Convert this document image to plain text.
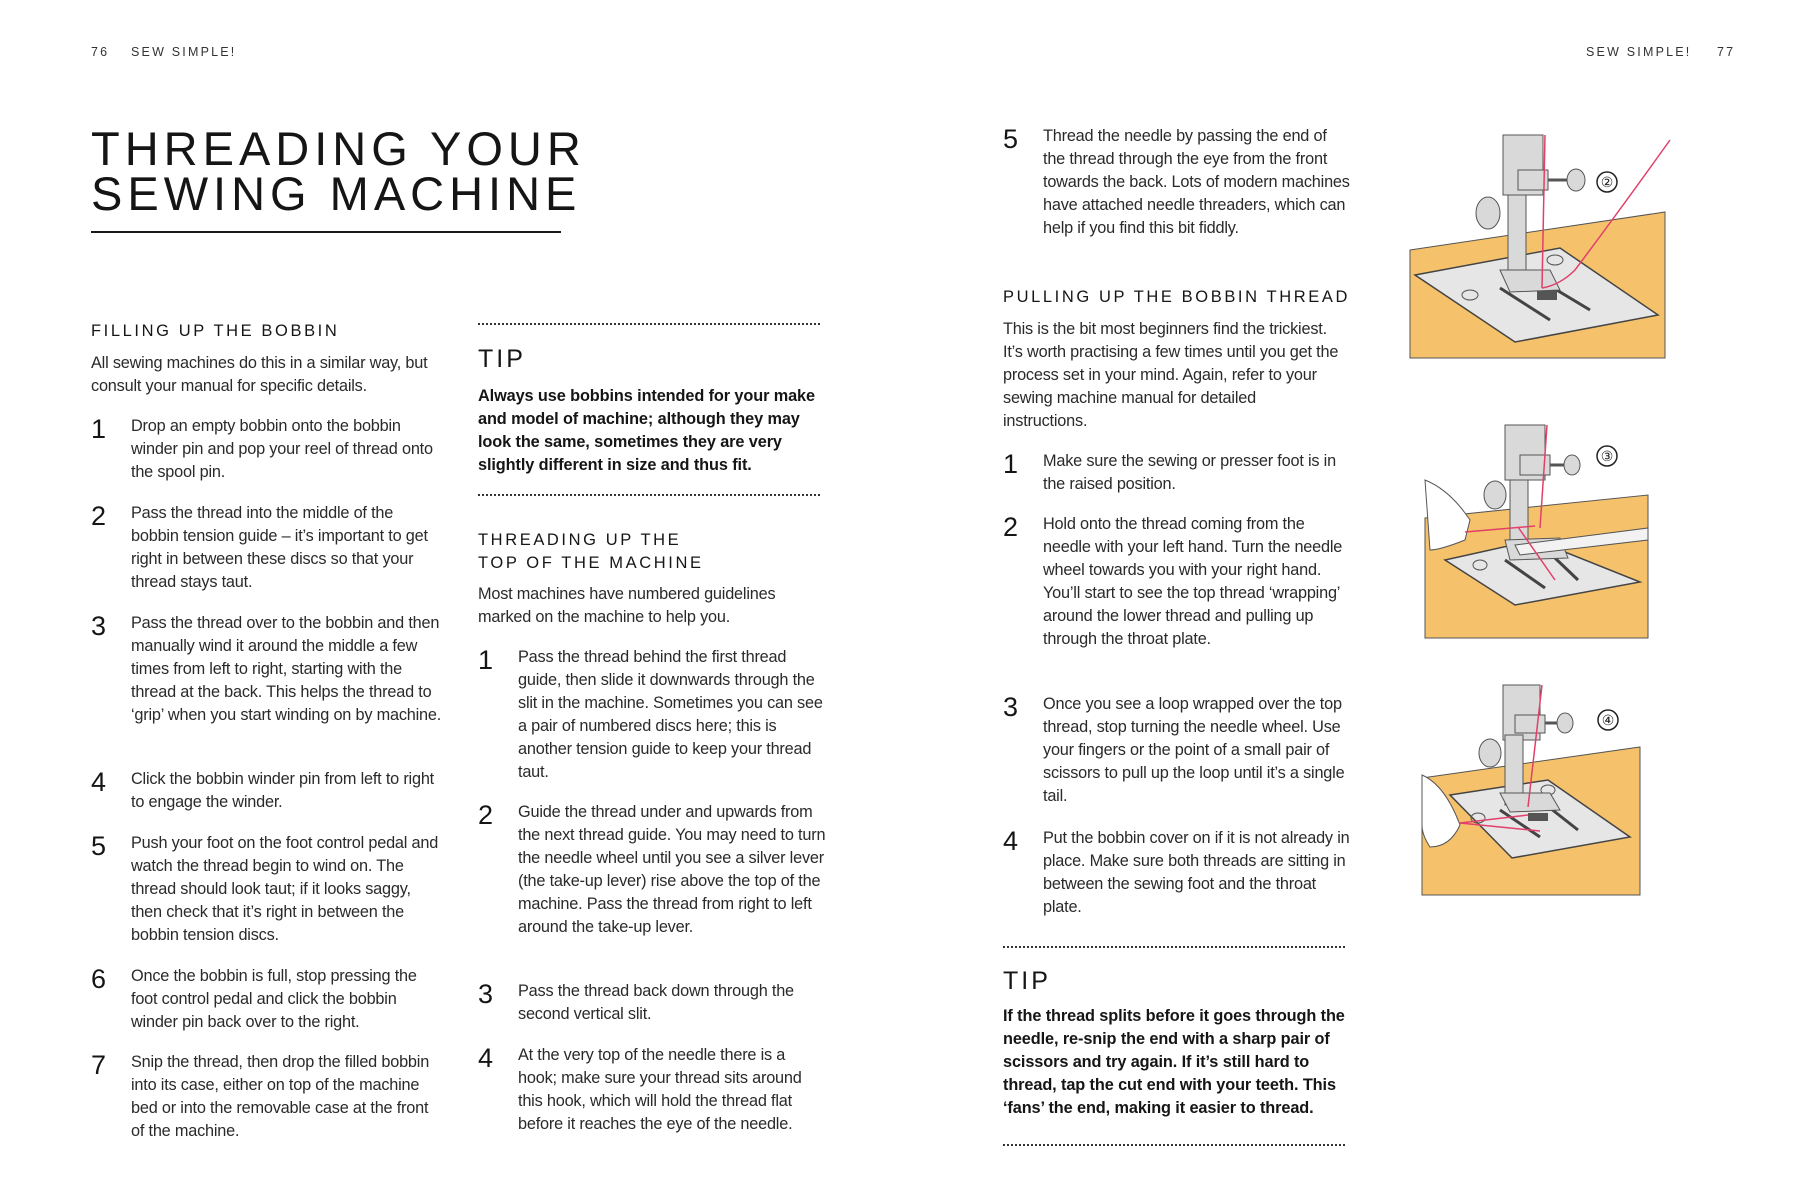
76 SEW SIMPLE!
THREADING YOUR
SEWING MACHINE
FILLING UP THE BOBBIN
All sewing machines do this in a similar way, but consult your manual for specific details.
1	Drop an empty bobbin onto the bobbin winder pin and pop your reel of thread onto the spool pin.
2	Pass the thread into the middle of the bobbin tension guide – it’s important to get right in between these discs so that your thread stays taut.
3	Pass the thread over to the bobbin and then manually wind it around the middle a few times from left to right, starting with the thread at the back. This helps the thread to ‘grip’ when you start winding on by machine.
4	Click the bobbin winder pin from left to right to engage the winder.
5	Push your foot on the foot control pedal and watch the thread begin to wind on. The thread should look taut; if it looks saggy, then check that it’s right in between the bobbin tension discs.
6	Once the bobbin is full, stop pressing the foot control pedal and click the bobbin winder pin back over to the right.
7	Snip the thread, then drop the filled bobbin into its case, either on top of the machine bed or into the removable case at the front of the machine.
TIP
Always use bobbins intended for your make and model of machine; although they may look the same, sometimes they are very slightly different in size and thus fit.
THREADING UP THE
TOP OF THE MACHINE
Most machines have numbered guidelines marked on the machine to help you.
1	Pass the thread behind the first thread guide, then slide it downwards through the slit in the machine. Sometimes you can see a pair of numbered discs here; this is another tension guide to keep your thread taut.
2	Guide the thread under and upwards from the next thread guide. You may need to turn the needle wheel until you see a silver lever (the take-up lever) rise above the top of the machine. Pass the thread from right to left around the take-up lever.
3	Pass the thread back down through the second vertical slit.
4	At the very top of the needle there is a hook; make sure your thread sits around this hook, which will hold the thread flat before it reaches the eye of the needle.
SEW SIMPLE! 77
5	Thread the needle by passing the end of the thread through the eye from the front towards the back. Lots of modern machines have attached needle threaders, which can help if you find this bit fiddly.
PULLING UP THE BOBBIN THREAD
This is the bit most beginners find the trickiest. It’s worth practising a few times until you get the process set in your mind. Again, refer to your sewing machine manual for detailed instructions.
1	Make sure the sewing or presser foot is in the raised position.
2	Hold onto the thread coming from the needle with your left hand. Turn the needle wheel towards you with your right hand. You’ll start to see the top thread ‘wrapping’ around the lower thread and pulling up through the throat plate.
3	Once you see a loop wrapped over the top thread, stop turning the needle wheel. Use your fingers or the point of a small pair of scissors to pull up the loop until it’s a single tail.
4	Put the bobbin cover on if it is not already in place. Make sure both threads are sitting in between the sewing foot and the throat plate.
TIP
If the thread splits before it goes through the needle, re-snip the end with a sharp pair of scissors and try again. If it’s still hard to thread, tap the cut end with your teeth. This ‘fans’ the end, making it easier to thread.
②
③
④
